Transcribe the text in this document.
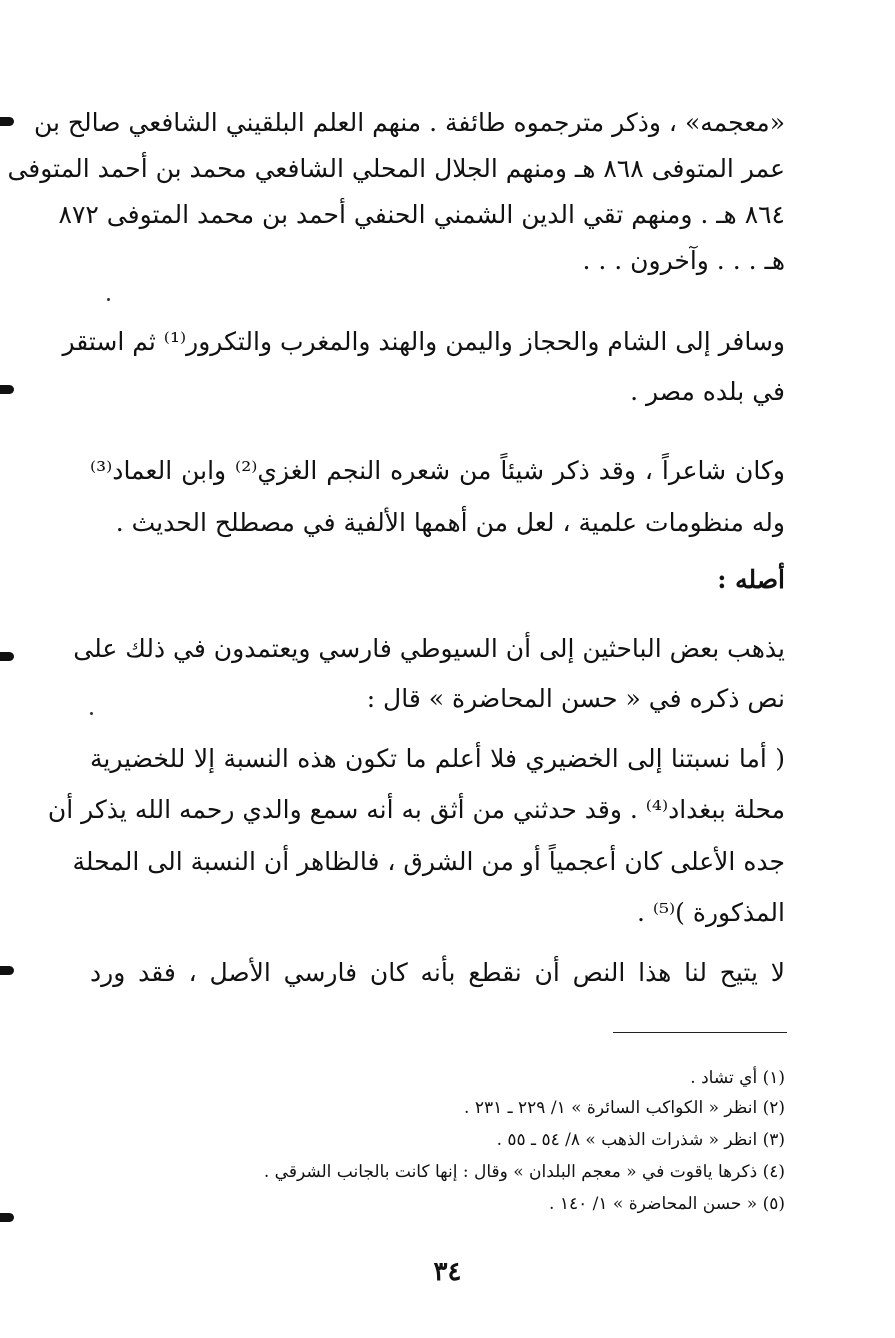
«معجمه» ، وذكر مترجموه طائفة . منهم العلم البلقيني الشافعي صالح بن
عمر المتوفى ٨٦٨ هـ ومنهم الجلال المحلي الشافعي محمد بن أحمد المتوفى
٨٦٤ هـ . ومنهم تقي الدين الشمني الحنفي أحمد بن محمد المتوفى ٨٧٢
هـ . . . وآخرون . . .
وسافر إلى الشام والحجاز واليمن والهند والمغرب والتكرور⁽¹⁾ ثم استقر
في بلده مصر .
وكان شاعراً ، وقد ذكر شيئاً من شعره النجم الغزي⁽²⁾ وابن العماد⁽³⁾
وله منظومات علمية ، لعل من أهمها الألفية في مصطلح الحديث .
أصله :
يذهب بعض الباحثين إلى أن السيوطي فارسي ويعتمدون في ذلك على
نص ذكره في « حسن المحاضرة » قال :
( أما نسبتنا إلى الخضيري فلا أعلم ما تكون هذه النسبة إلا للخضيرية
محلة ببغداد⁽⁴⁾ . وقد حدثني من أثق به أنه سمع والدي رحمه الله يذكر أن
جده الأعلى كان أعجمياً أو من الشرق ، فالظاهر أن النسبة الى المحلة
المذكورة )⁽⁵⁾ .
لا يتيح لنا هذا النص أن نقطع بأنه كان فارسي الأصل ، فقد ورد
(١) أي تشاد .
(٢) انظر « الكواكب السائرة » ١/ ٢٢٩ ـ ٢٣١ .
(٣) انظر « شذرات الذهب » ٨/ ٥٤ ـ ٥٥ .
(٤) ذكرها ياقوت في « معجم البلدان » وقال : إنها كانت بالجانب الشرقي .
(٥) « حسن المحاضرة » ١/ ١٤٠ .
٣٤
